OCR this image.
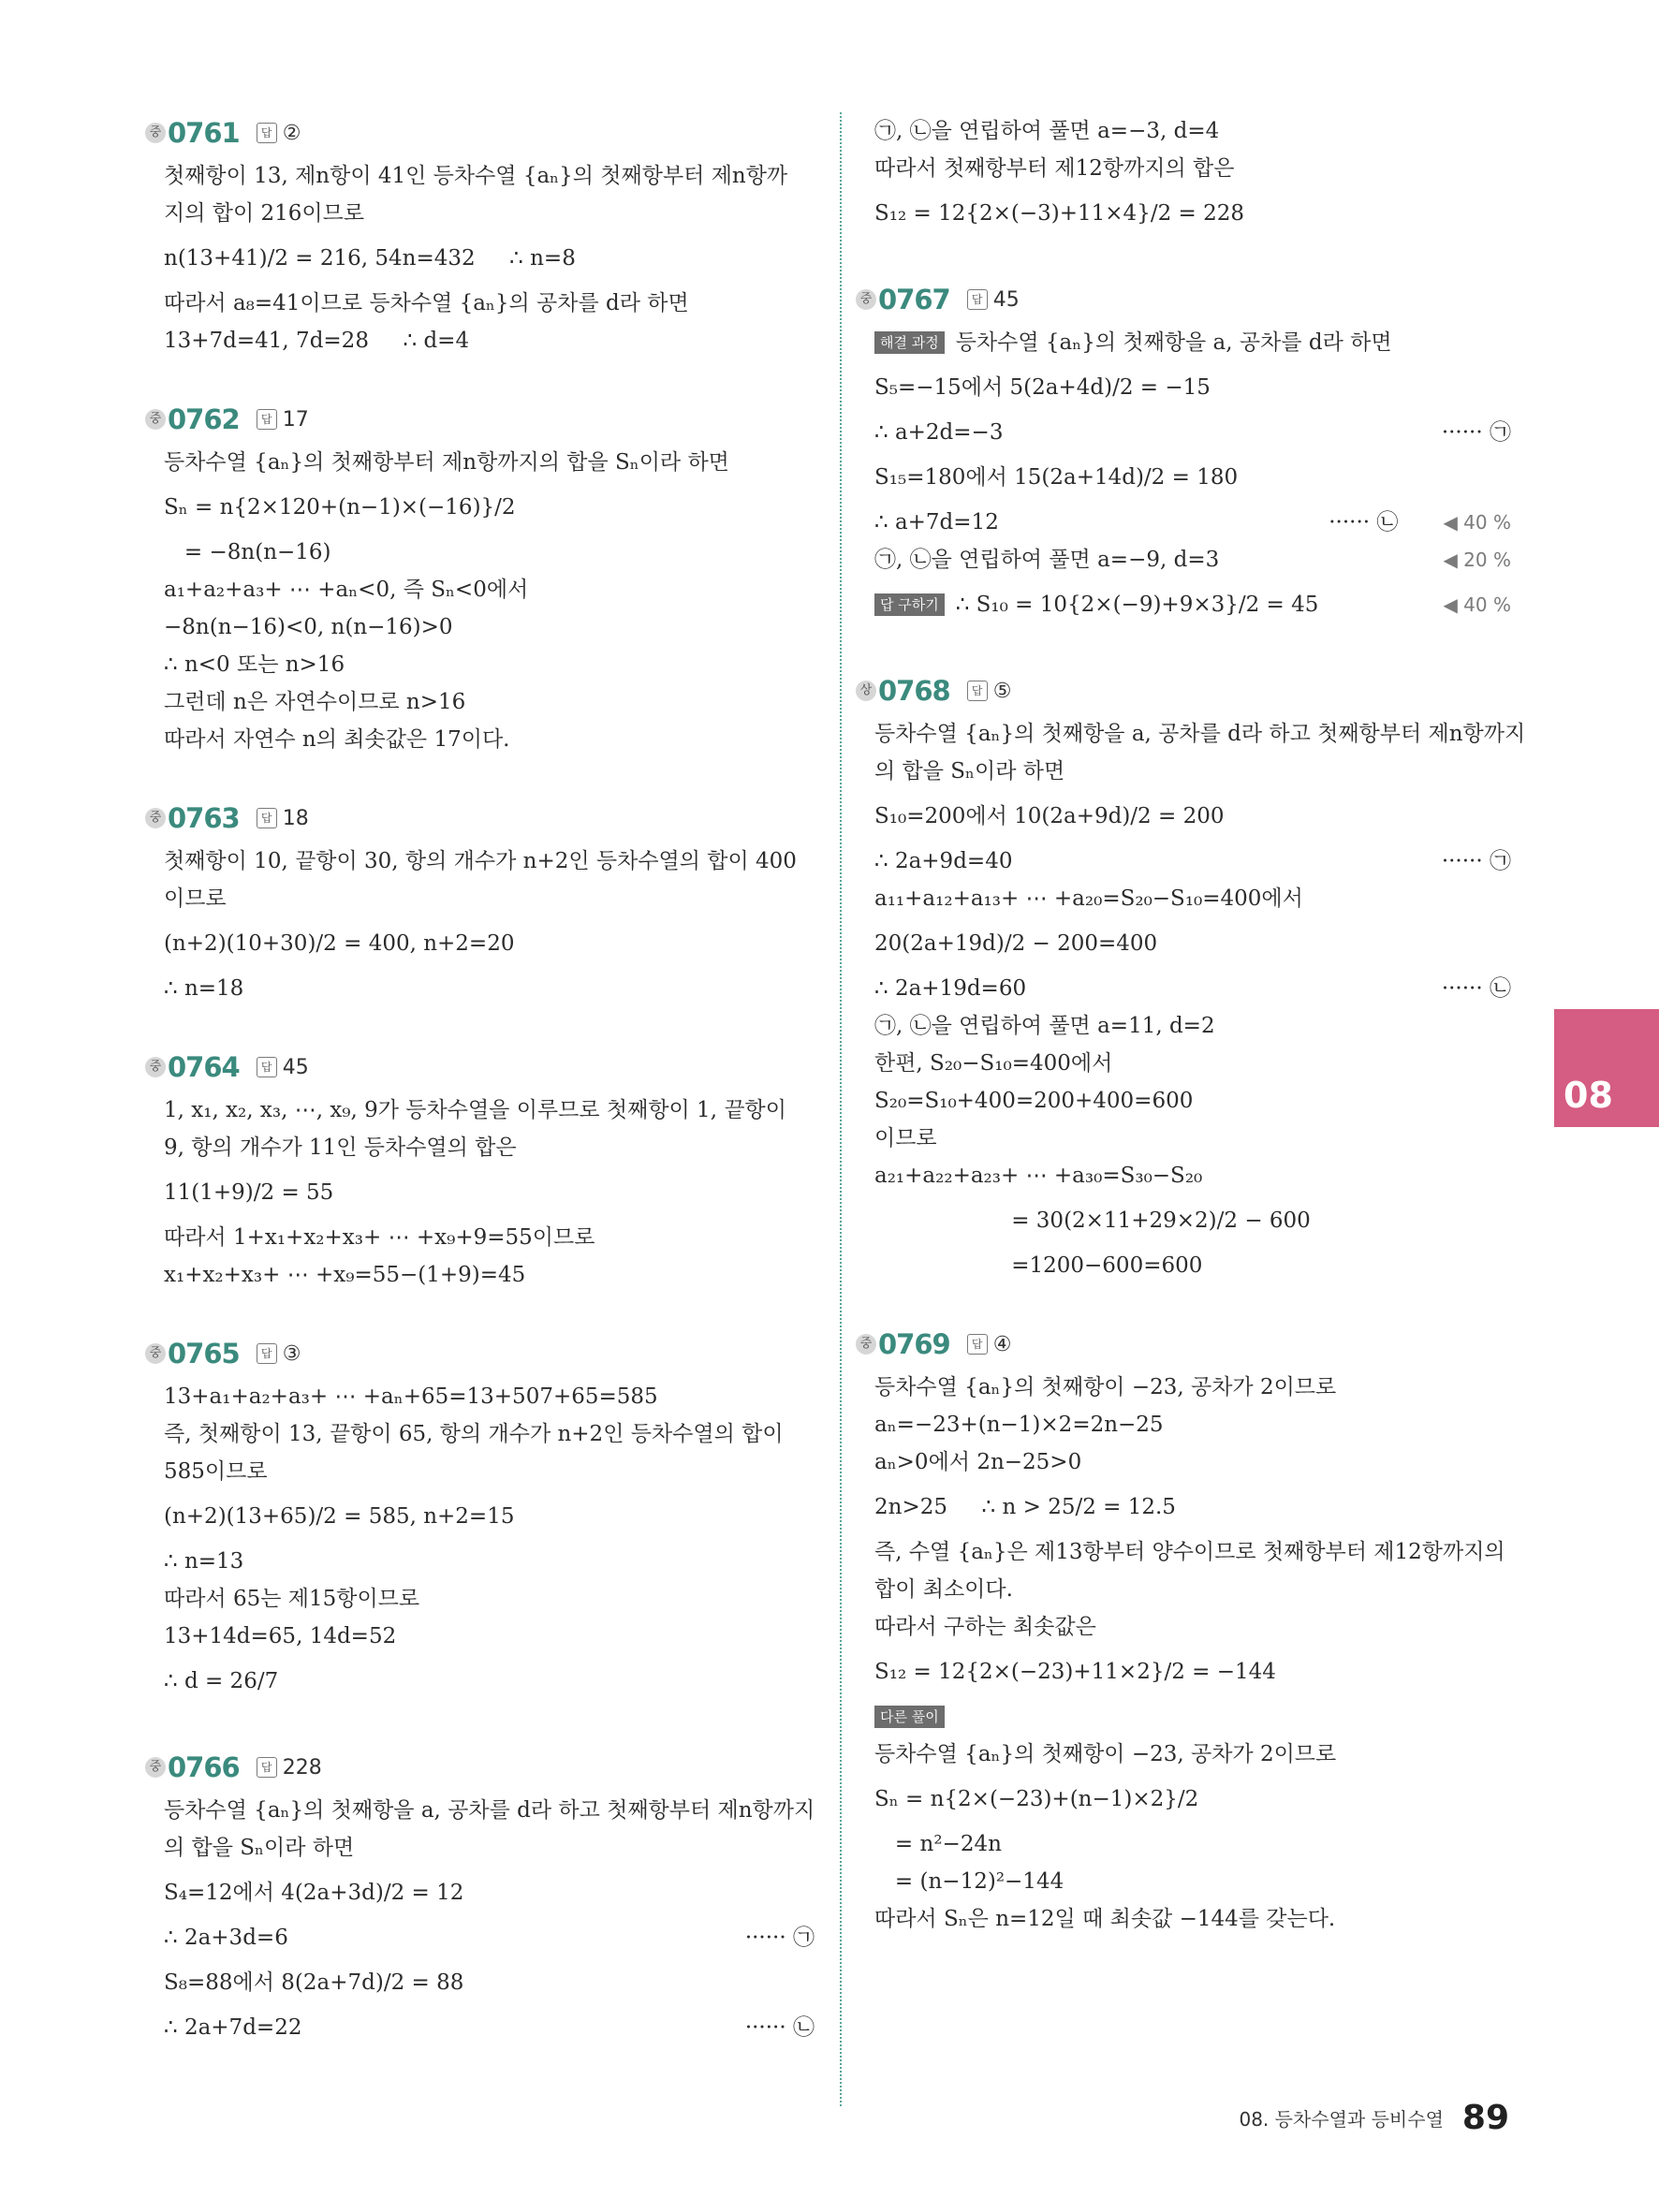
중 0761	답 ②
첫째항이 13, 제n항이 41인 등차수열 {aₙ}의 첫째항부터 제n항까
지의 합이 216이므로
n(13+41)/2 = 216, 54n=432     ∴ n=8
따라서 a₈=41이므로 등차수열 {aₙ}의 공차를 d라 하면
13+7d=41, 7d=28     ∴ d=4
중 0762	답 17
등차수열 {aₙ}의 첫째항부터 제n항까지의 합을 Sₙ이라 하면
Sₙ = n{2×120+(n−1)×(−16)}/2
= −8n(n−16)
a₁+a₂+a₃+ ⋯ +aₙ<0, 즉 Sₙ<0에서
−8n(n−16)<0, n(n−16)>0
∴ n<0 또는 n>16
그런데 n은 자연수이므로 n>16
따라서 자연수 n의 최솟값은 17이다.
중 0763	답 18
첫째항이 10, 끝항이 30, 항의 개수가 n+2인 등차수열의 합이 400
이므로
(n+2)(10+30)/2 = 400, n+2=20
∴ n=18
중 0764	답 45
1, x₁, x₂, x₃, ⋯, x₉, 9가 등차수열을 이루므로 첫째항이 1, 끝항이
9, 항의 개수가 11인 등차수열의 합은
11(1+9)/2 = 55
따라서 1+x₁+x₂+x₃+ ⋯ +x₉+9=55이므로
x₁+x₂+x₃+ ⋯ +x₉=55−(1+9)=45
중 0765	답 ③
13+a₁+a₂+a₃+ ⋯ +aₙ+65=13+507+65=585
즉, 첫째항이 13, 끝항이 65, 항의 개수가 n+2인 등차수열의 합이
585이므로
(n+2)(13+65)/2 = 585, n+2=15
∴ n=13
따라서 65는 제15항이므로
13+14d=65, 14d=52
∴ d = 26/7
중 0766	답 228
등차수열 {aₙ}의 첫째항을 a, 공차를 d라 하고 첫째항부터 제n항까지
의 합을 Sₙ이라 하면
S₄=12에서 4(2a+3d)/2 = 12
∴ 2a+3d=6	······ ㉠
S₈=88에서 8(2a+7d)/2 = 88
∴ 2a+7d=22	······ ㉡
㉠, ㉡을 연립하여 풀면 a=−3, d=4
따라서 첫째항부터 제12항까지의 합은
S₁₂ = 12{2×(−3)+11×4}/2 = 228
중 0767	답 45
해결 과정 등차수열 {aₙ}의 첫째항을 a, 공차를 d라 하면
S₅=−15에서 5(2a+4d)/2 = −15
∴ a+2d=−3	······ ㉠
S₁₅=180에서 15(2a+14d)/2 = 180
∴ a+7d=12	······ ㉡ ◀ 40 %
㉠, ㉡을 연립하여 풀면 a=−9, d=3	◀ 20 %
답 구하기 ∴ S₁₀ = 10{2×(−9)+9×3}/2 = 45	◀ 40 %
상 0768	답 ⑤
등차수열 {aₙ}의 첫째항을 a, 공차를 d라 하고 첫째항부터 제n항까지
의 합을 Sₙ이라 하면
S₁₀=200에서 10(2a+9d)/2 = 200
∴ 2a+9d=40	······ ㉠
a₁₁+a₁₂+a₁₃+ ⋯ +a₂₀=S₂₀−S₁₀=400에서
20(2a+19d)/2 − 200=400
∴ 2a+19d=60	······ ㉡
㉠, ㉡을 연립하여 풀면 a=11, d=2
한편, S₂₀−S₁₀=400에서
S₂₀=S₁₀+400=200+400=600
이므로
a₂₁+a₂₂+a₂₃+ ⋯ +a₃₀=S₃₀−S₂₀
= 30(2×11+29×2)/2 − 600
=1200−600=600
중 0769	답 ④
등차수열 {aₙ}의 첫째항이 −23, 공차가 2이므로
aₙ=−23+(n−1)×2=2n−25
aₙ>0에서 2n−25>0
2n>25     ∴ n > 25/2 = 12.5
즉, 수열 {aₙ}은 제13항부터 양수이므로 첫째항부터 제12항까지의
합이 최소이다.
따라서 구하는 최솟값은
S₁₂ = 12{2×(−23)+11×2}/2 = −144
다른 풀이
등차수열 {aₙ}의 첫째항이 −23, 공차가 2이므로
Sₙ = n{2×(−23)+(n−1)×2}/2
= n²−24n
= (n−12)²−144
따라서 Sₙ은 n=12일 때 최솟값 −144를 갖는다.
08
08. 등차수열과 등비수열 89
